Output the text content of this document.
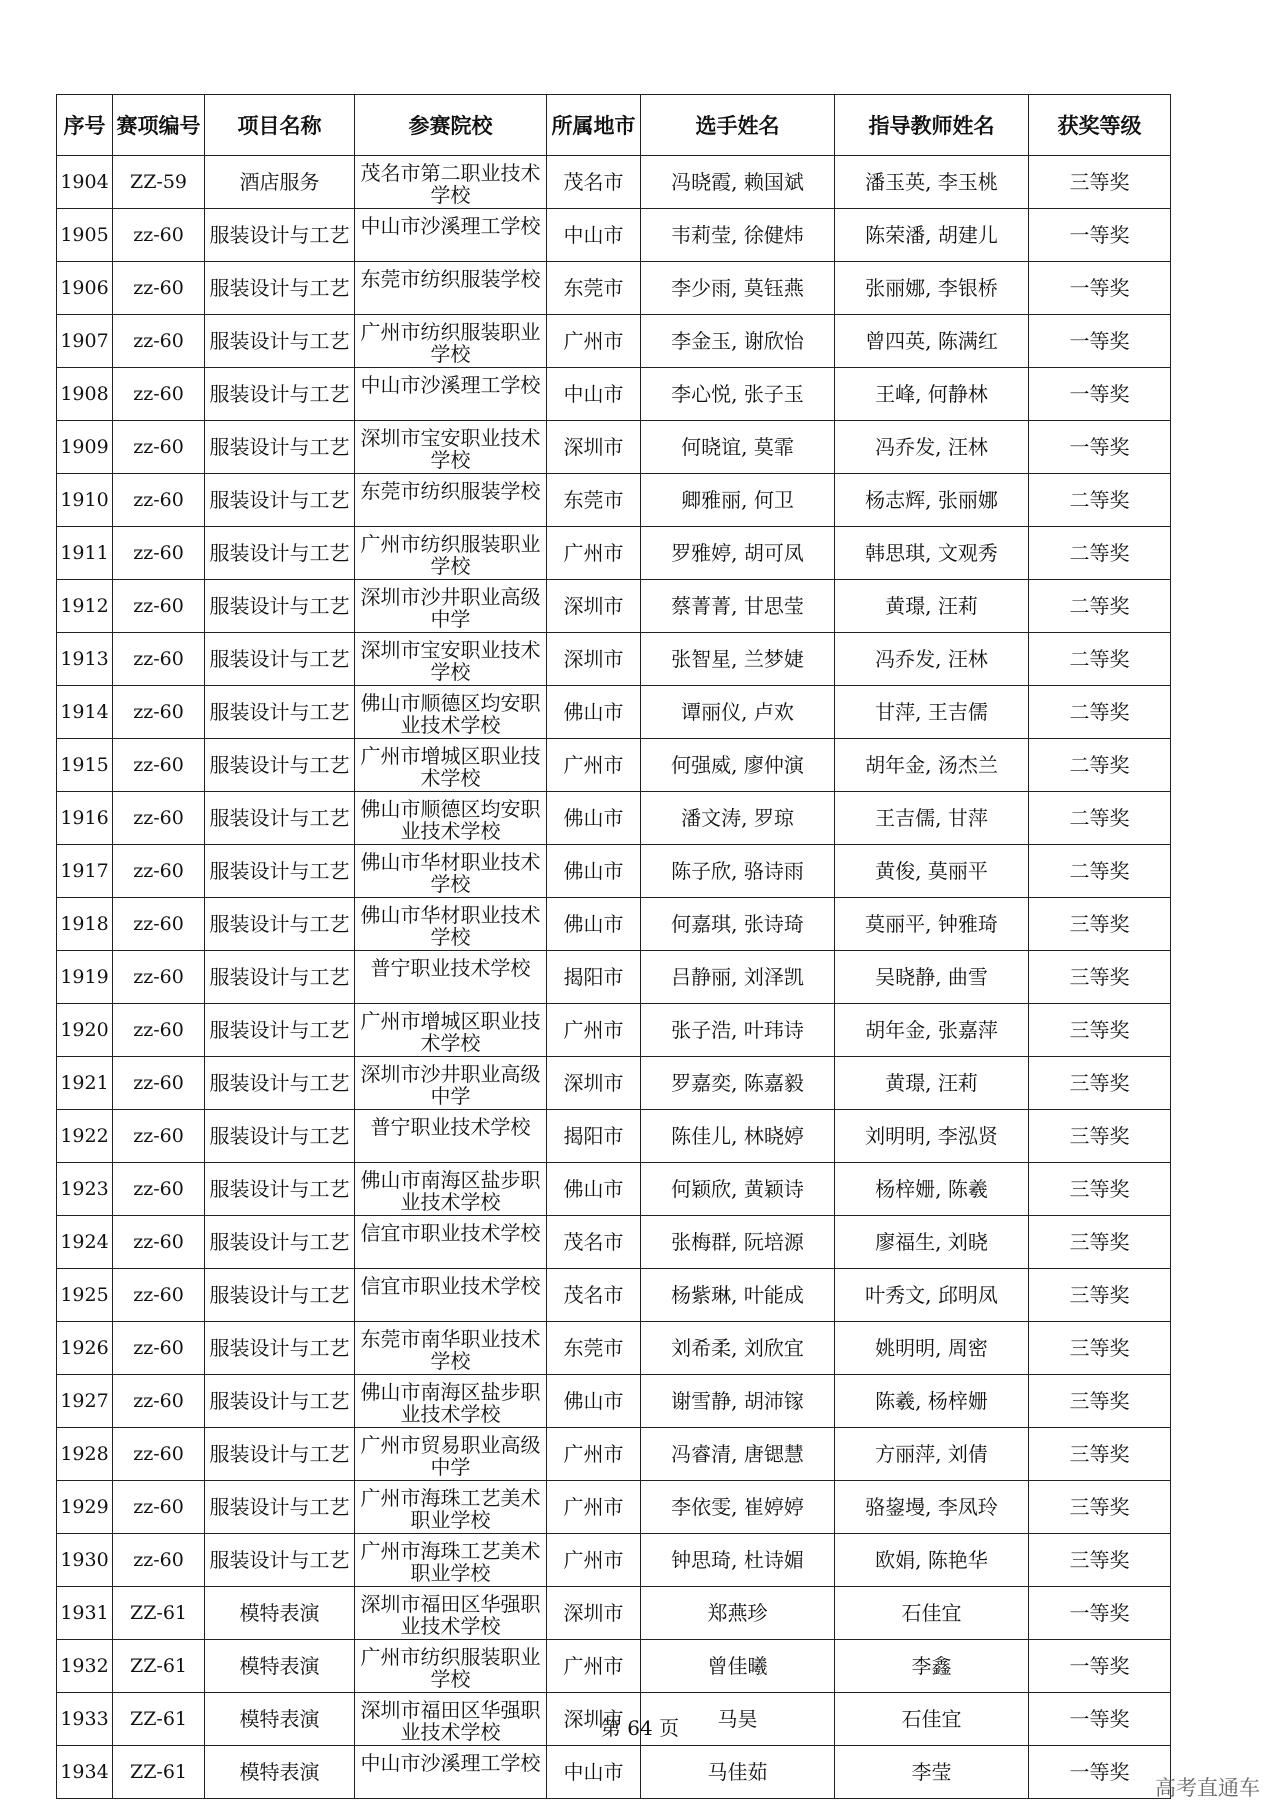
序号	赛项编号	项目名称	参赛院校	所属地市	选手姓名	指导教师姓名	获奖等级
1904	ZZ-59	酒店服务	茂名市第二职业技术学校	茂名市	冯晓霞, 赖国斌	潘玉英, 李玉桃	三等奖
1905	zz-60	服装设计与工艺	中山市沙溪理工学校	中山市	韦莉莹, 徐健炜	陈荣潘, 胡建儿	一等奖
1906	zz-60	服装设计与工艺	东莞市纺织服装学校	东莞市	李少雨, 莫钰燕	张丽娜, 李银桥	一等奖
1907	zz-60	服装设计与工艺	广州市纺织服装职业学校	广州市	李金玉, 谢欣怡	曾四英, 陈满红	一等奖
1908	zz-60	服装设计与工艺	中山市沙溪理工学校	中山市	李心悦, 张子玉	王峰, 何静林	一等奖
1909	zz-60	服装设计与工艺	深圳市宝安职业技术学校	深圳市	何晓谊, 莫霏	冯乔发, 汪林	一等奖
1910	zz-60	服装设计与工艺	东莞市纺织服装学校	东莞市	卿雅丽, 何卫	杨志辉, 张丽娜	二等奖
1911	zz-60	服装设计与工艺	广州市纺织服装职业学校	广州市	罗雅婷, 胡可凤	韩思琪, 文观秀	二等奖
1912	zz-60	服装设计与工艺	深圳市沙井职业高级中学	深圳市	蔡菁菁, 甘思莹	黄璟, 汪莉	二等奖
1913	zz-60	服装设计与工艺	深圳市宝安职业技术学校	深圳市	张智星, 兰梦婕	冯乔发, 汪林	二等奖
1914	zz-60	服装设计与工艺	佛山市顺德区均安职业技术学校	佛山市	谭丽仪, 卢欢	甘萍, 王吉儒	二等奖
1915	zz-60	服装设计与工艺	广州市增城区职业技术学校	广州市	何强威, 廖仲演	胡年金, 汤杰兰	二等奖
1916	zz-60	服装设计与工艺	佛山市顺德区均安职业技术学校	佛山市	潘文涛, 罗琼	王吉儒, 甘萍	二等奖
1917	zz-60	服装设计与工艺	佛山市华材职业技术学校	佛山市	陈子欣, 骆诗雨	黄俊, 莫丽平	二等奖
1918	zz-60	服装设计与工艺	佛山市华材职业技术学校	佛山市	何嘉琪, 张诗琦	莫丽平, 钟雅琦	三等奖
1919	zz-60	服装设计与工艺	普宁职业技术学校	揭阳市	吕静丽, 刘泽凯	吴晓静, 曲雪	三等奖
1920	zz-60	服装设计与工艺	广州市增城区职业技术学校	广州市	张子浩, 叶玮诗	胡年金, 张嘉萍	三等奖
1921	zz-60	服装设计与工艺	深圳市沙井职业高级中学	深圳市	罗嘉奕, 陈嘉毅	黄璟, 汪莉	三等奖
1922	zz-60	服装设计与工艺	普宁职业技术学校	揭阳市	陈佳儿, 林晓婷	刘明明, 李泓贤	三等奖
1923	zz-60	服装设计与工艺	佛山市南海区盐步职业技术学校	佛山市	何颖欣, 黄颖诗	杨梓姗, 陈羲	三等奖
1924	zz-60	服装设计与工艺	信宜市职业技术学校	茂名市	张梅群, 阮培源	廖福生, 刘晓	三等奖
1925	zz-60	服装设计与工艺	信宜市职业技术学校	茂名市	杨紫琳, 叶能成	叶秀文, 邱明凤	三等奖
1926	zz-60	服装设计与工艺	东莞市南华职业技术学校	东莞市	刘希柔, 刘欣宜	姚明明, 周密	三等奖
1927	zz-60	服装设计与工艺	佛山市南海区盐步职业技术学校	佛山市	谢雪静, 胡沛镓	陈羲, 杨梓姗	三等奖
1928	zz-60	服装设计与工艺	广州市贸易职业高级中学	广州市	冯睿清, 唐锶慧	方丽萍, 刘倩	三等奖
1929	zz-60	服装设计与工艺	广州市海珠工艺美术职业学校	广州市	李依雯, 崔婷婷	骆鋆墁, 李凤玲	三等奖
1930	zz-60	服装设计与工艺	广州市海珠工艺美术职业学校	广州市	钟思琦, 杜诗媚	欧娟, 陈艳华	三等奖
1931	ZZ-61	模特表演	深圳市福田区华强职业技术学校	深圳市	郑燕珍	石佳宜	一等奖
1932	ZZ-61	模特表演	广州市纺织服装职业学校	广州市	曾佳曦	李鑫	一等奖
1933	ZZ-61	模特表演	深圳市福田区华强职业技术学校	深圳市	马昊	石佳宜	一等奖
1934	ZZ-61	模特表演	中山市沙溪理工学校	中山市	马佳茹	李莹	一等奖
第 64 页
高考直通车
